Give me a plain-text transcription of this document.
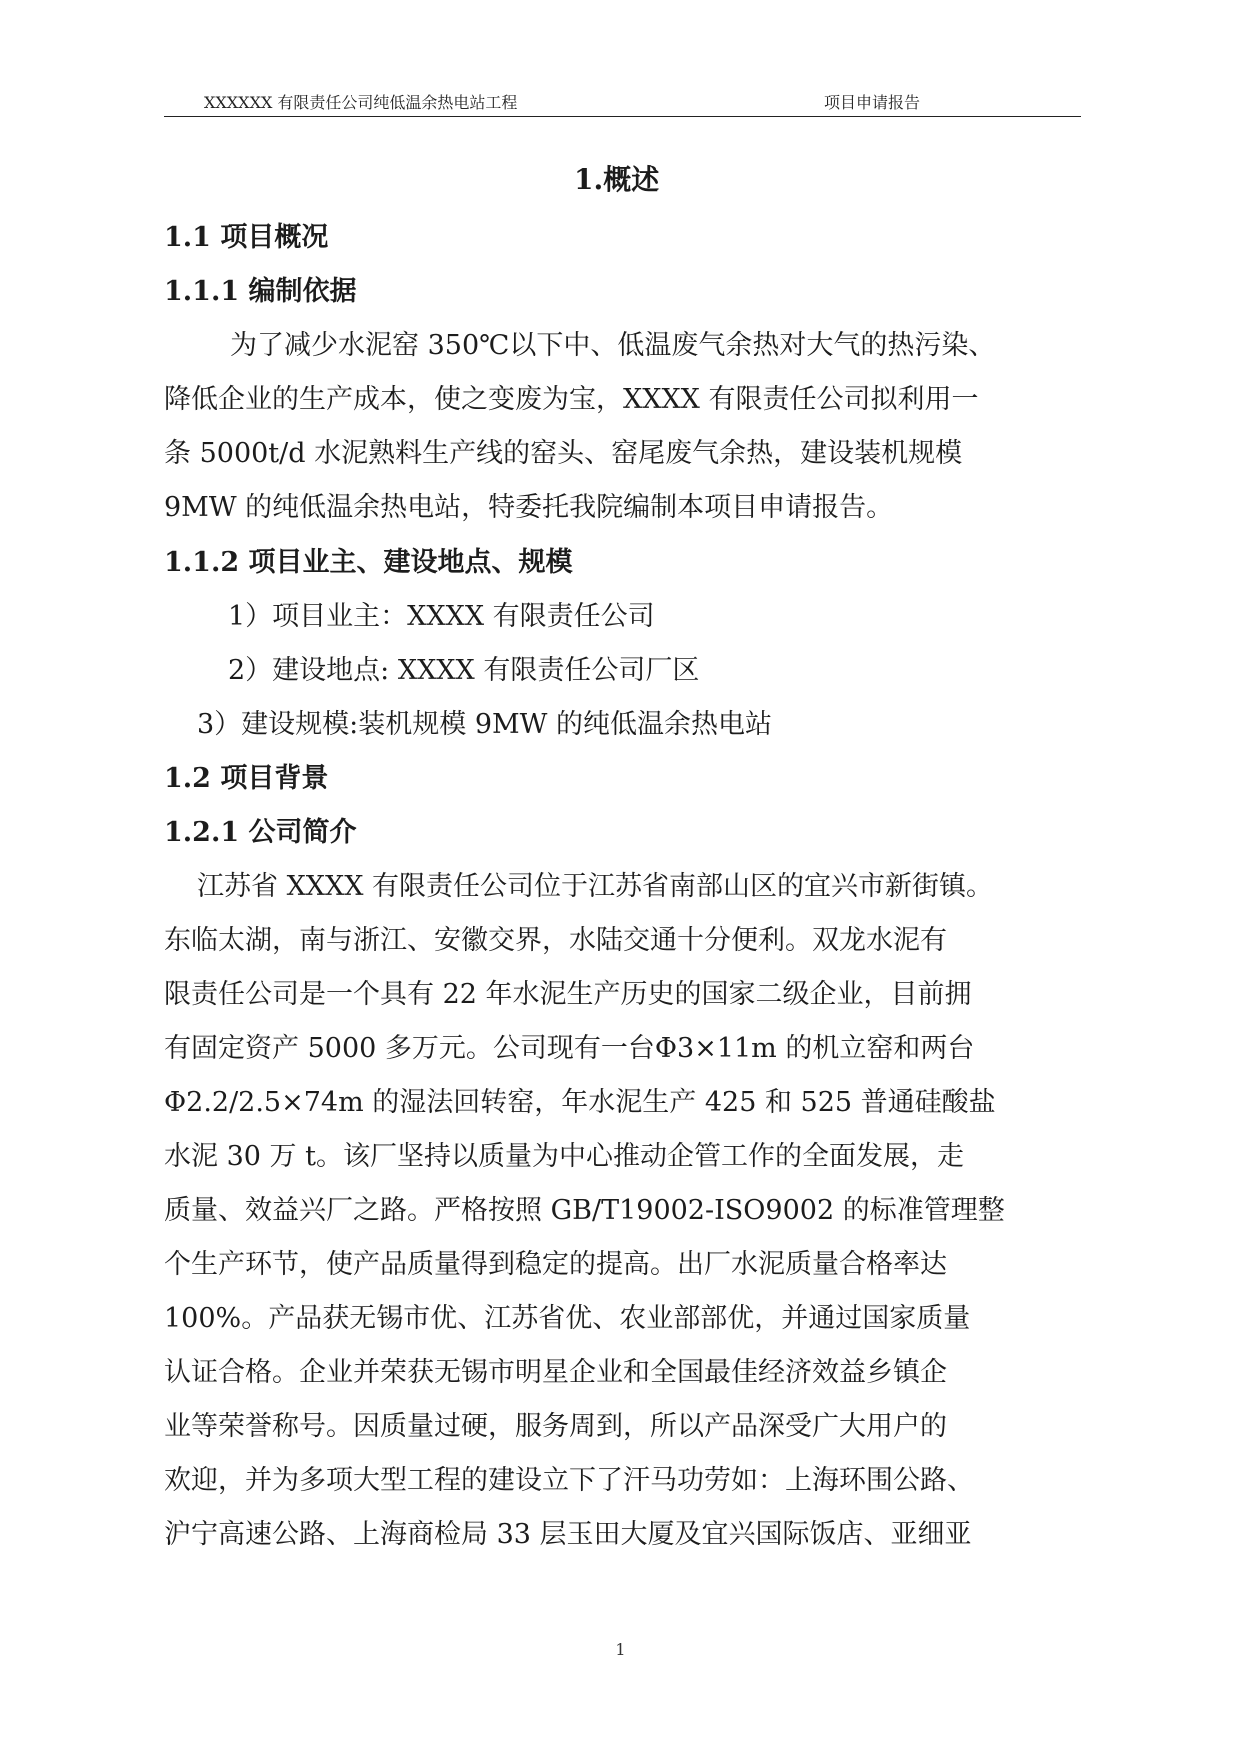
XXXXXX 有限责任公司纯低温余热电站工程	项目申请报告
1.概述
1.1 项目概况
1.1.1 编制依据
为了减少水泥窑 350℃以下中、低温废气余热对大气的热污染、
降低企业的生产成本，使之变废为宝，XXXX 有限责任公司拟利用一
条 5000t/d 水泥熟料生产线的窑头、窑尾废气余热，建设装机规模
9MW 的纯低温余热电站，特委托我院编制本项目申请报告。
1.1.2 项目业主、建设地点、规模
1）项目业主：XXXX 有限责任公司
2）建设地点: XXXX 有限责任公司厂区
3）建设规模:装机规模 9MW 的纯低温余热电站
1.2 项目背景
1.2.1 公司简介
江苏省 XXXX 有限责任公司位于江苏省南部山区的宜兴市新街镇。
东临太湖，南与浙江、安徽交界，水陆交通十分便利。双龙水泥有
限责任公司是一个具有 22 年水泥生产历史的国家二级企业，目前拥
有固定资产 5000 多万元。公司现有一台Φ3×11m 的机立窑和两台
Φ2.2/2.5×74m 的湿法回转窑，年水泥生产 425 和 525 普通硅酸盐
水泥 30 万 t。该厂坚持以质量为中心推动企管工作的全面发展，走
质量、效益兴厂之路。严格按照 GB/T19002-ISO9002 的标准管理整
个生产环节，使产品质量得到稳定的提高。出厂水泥质量合格率达
100%。产品获无锡市优、江苏省优、农业部部优，并通过国家质量
认证合格。企业并荣获无锡市明星企业和全国最佳经济效益乡镇企
业等荣誉称号。因质量过硬，服务周到，所以产品深受广大用户的
欢迎，并为多项大型工程的建设立下了汗马功劳如：上海环围公路、
沪宁高速公路、上海商检局 33 层玉田大厦及宜兴国际饭店、亚细亚
1
